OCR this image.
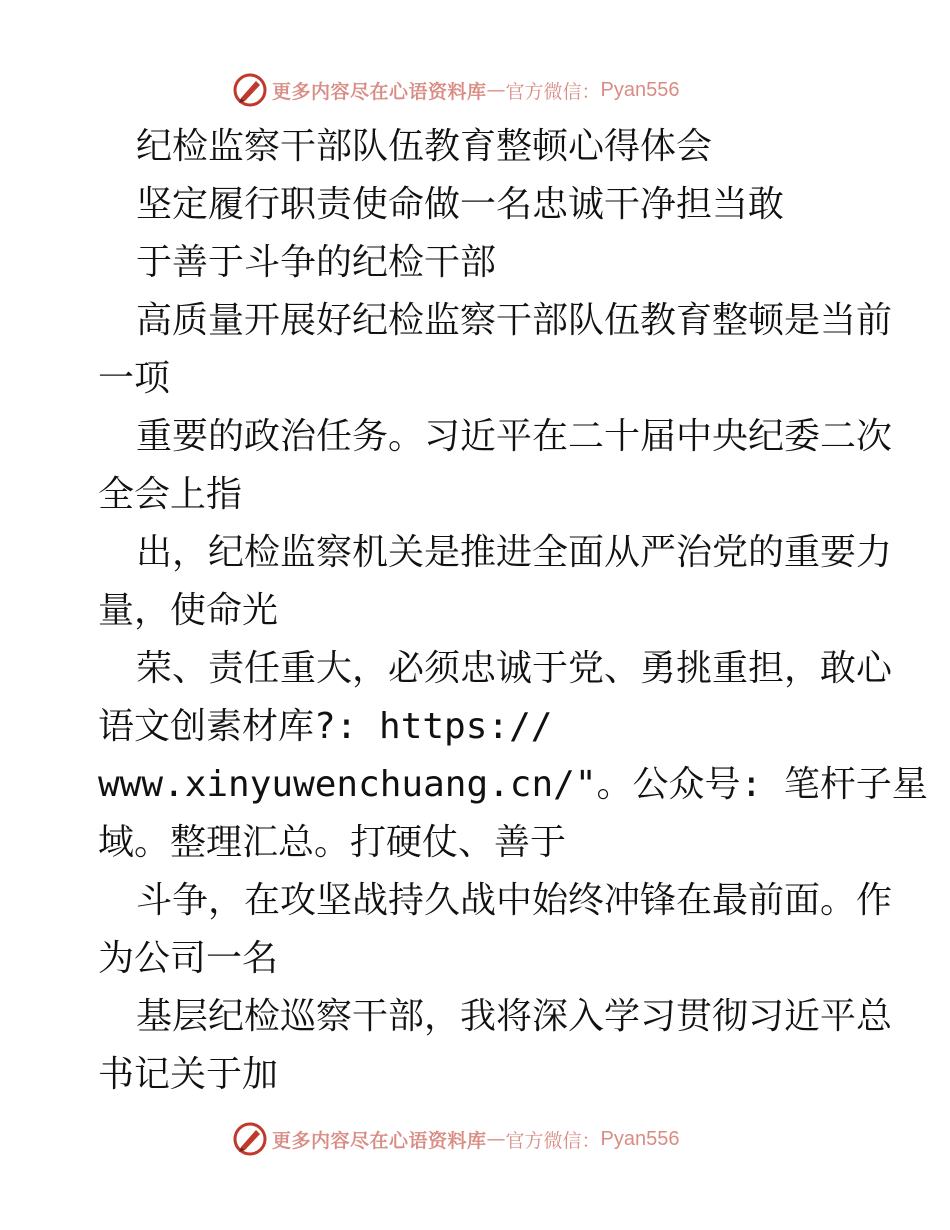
更多内容尽在心语资料库 — 官方微信： Pyan556
纪检监察干部队伍教育整顿心得体会
坚定履行职责使命做一名忠诚干净担当敢
于善于斗争的纪检干部
高质量开展好纪检监察干部队伍教育整顿是当前
一项
重要的政治任务。习近平在二十届中央纪委二次
全会上指
出，纪检监察机关是推进全面从严治党的重要力
量，使命光
荣、责任重大，必须忠诚于党、勇挑重担，敢心
语文创素材库?: https://
www.xinyuwenchuang.cn/"。公众号: 笔杆子星
域。整理汇总。打硬仗、善于
斗争，在攻坚战持久战中始终冲锋在最前面。作
为公司一名
基层纪检巡察干部，我将深入学习贯彻习近平总
书记关于加
更多内容尽在心语资料库 — 官方微信： Pyan556
